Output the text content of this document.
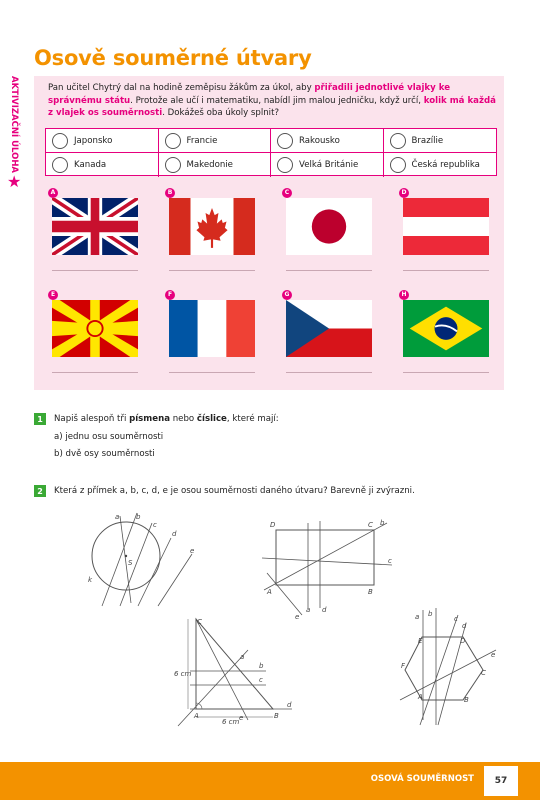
Osově souměrné útvary
AKTIVIZAČNÍ ÚLOHA
★
Pan učitel Chytrý dal na hodině zeměpisu žákům za úkol, aby přiřadili jednotlivé vlajky ke správnému státu. Protože ale učí i matematiku, nabídl jim malou jedničku, když určí, kolik má každá z vlajek os souměrnosti. Dokážeš oba úkoly splnit?
Japonsko	Francie	Rakousko	Brazílie
Kanada	Makedonie	Velká Británie	Česká republika
A	B	C	D
E	F	G	H
1	Napiš alespoň tři písmena nebo číslice, které mají:
a) jednu osu souměrnosti
b) dvě osy souměrnosti
2	Která z přímek a, b, c, d, e je osou souměrnosti daného útvaru? Barevně ji zvýrazni.
a b
c
d
e
S
k
D	C b
c
A	B
a d
e
C
a
b
c
d
6 cm
6 cm
A	e	B
a b
c
d
E	D
e
F
C
A	B
OSOVÁ SOUMĚRNOST	57
